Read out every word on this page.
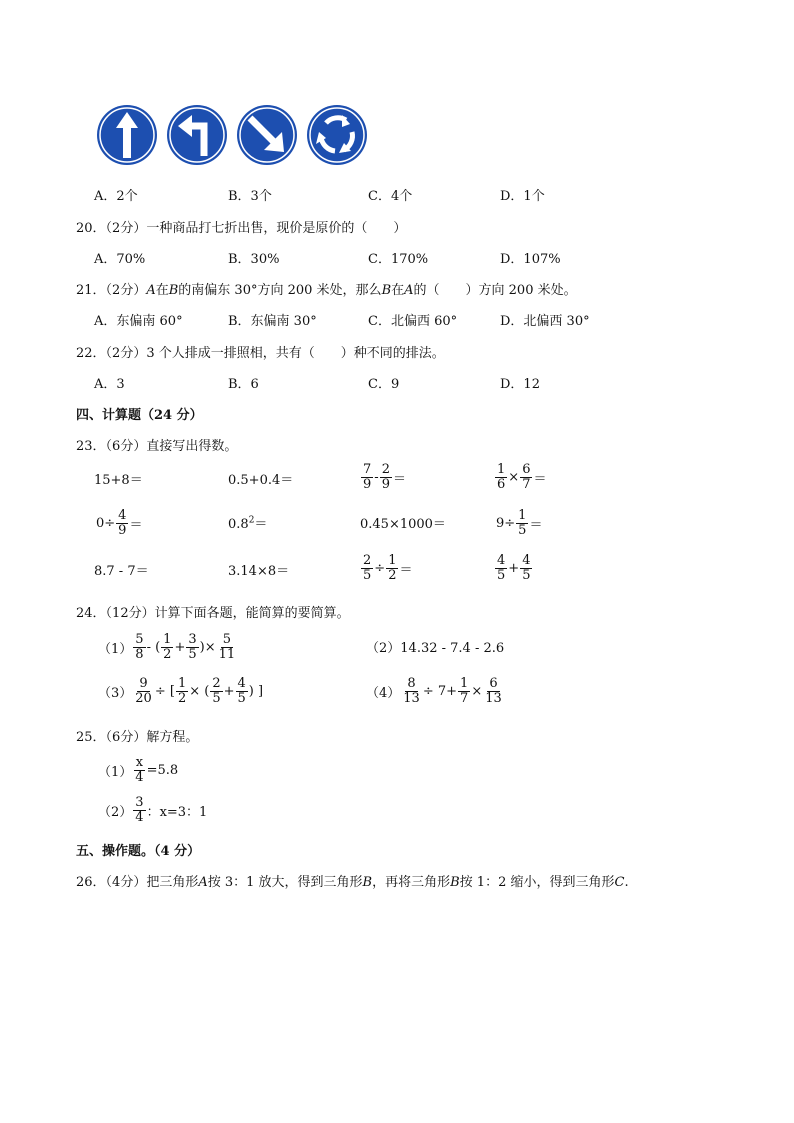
A．2个	B．3个	C．4个	D．1个
20．（2分）一种商品打七折出售，现价是原价的（　　）
A．70%	B．30%	C．170%	D．107%
21．（2分）A在B的南偏东 30°方向 200 米处，那么B在A的（　　）方向 200 米处。
A．东偏南 60°	B．东偏南 30°	C．北偏西 60°	D．北偏西 30°
22．（2分）3 个人排成一排照相，共有（　　）种不同的排法。
A．3	B．6	C．9	D．12
四、计算题（24 分）
23．（6分）直接写出得数。
15+8＝	0.5+0.4＝	$\frac{7}{9} - \frac{2}{9}$ ＝	$\frac{1}{6} \times \frac{6}{7}$ ＝
$0\div \frac{4}{9}$ ＝	$0.8^2=$	0.45×1000＝	$9\div \frac{1}{5}$ ＝
8.7 - 7＝	3.14×8＝	$\frac{2}{5} \div \frac{1}{2}$ ＝	$\frac{4}{5} + \frac{4}{5}$
24．（12分）计算下面各题，能简算的要简算。
$(1) \frac{5}{8}$ - ( $\frac{1}{2} + \frac{3}{5}$ )× $\frac{5}{11}$	（2）14.32 - 7.4 - 2.6
$(3) \frac{9}{20}$ ÷ [ $\frac{1}{2}$ × ( $\frac{2}{5} + \frac{4}{5}$ ) ]	$(4) \frac{8}{13} \div 7+ \frac{1}{7} \times \frac{6}{13}$
25．（6分）解方程。
$(1) \frac{x}{4} =5.8$
$(2) \frac{3}{4}$ ：x=3：1
五、操作题。（4 分）
26．（4分）把三角形A按 3：1 放大，得到三角形B，再将三角形B按 1：2 缩小，得到三角形C.
